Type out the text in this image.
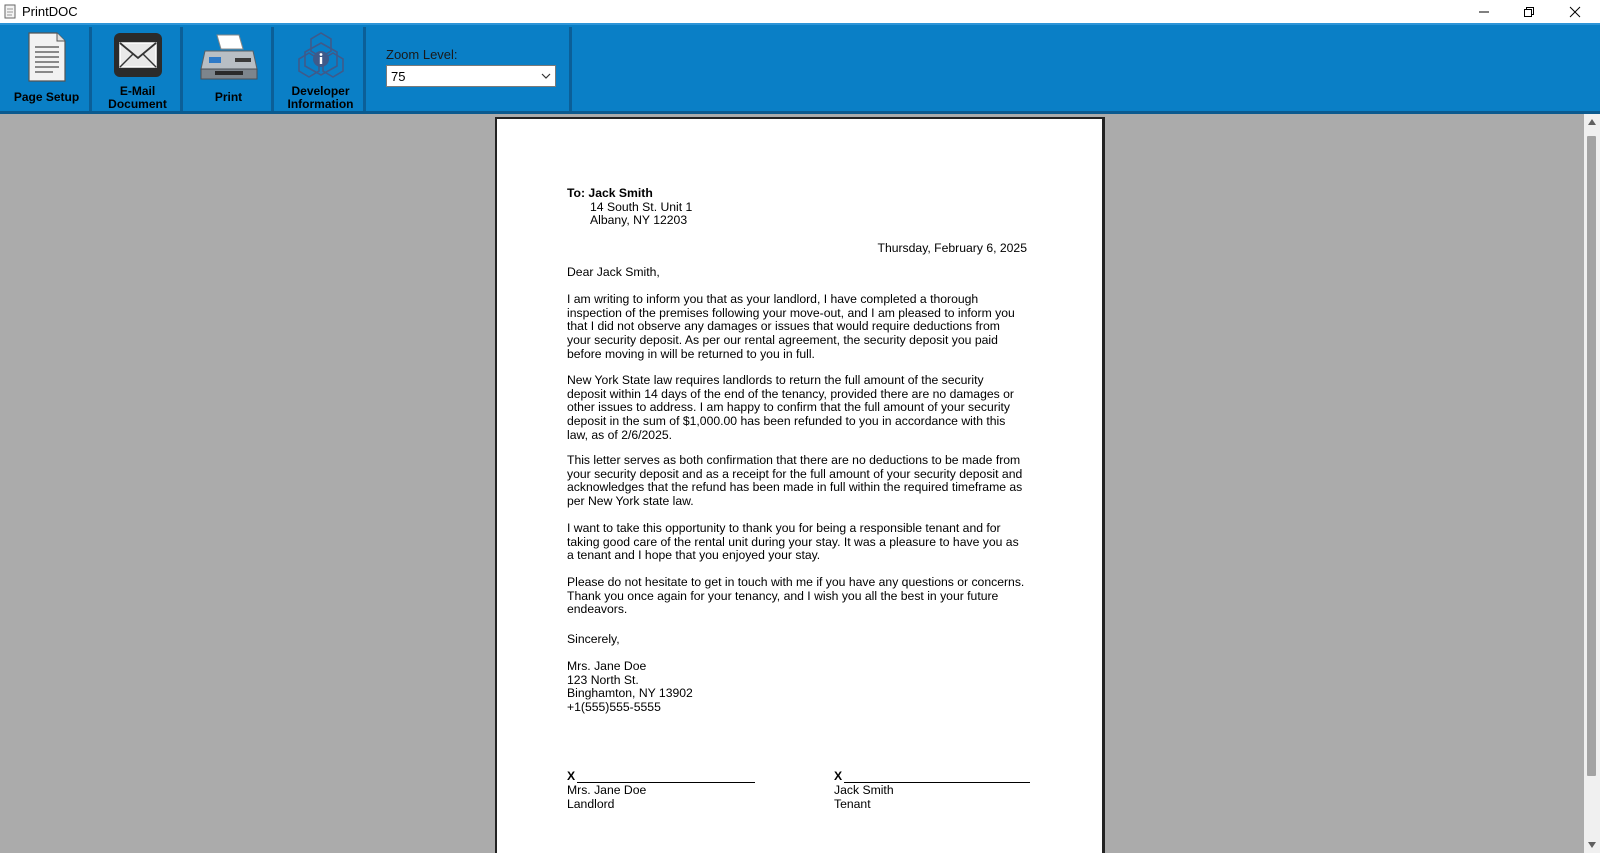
PrintDOC
Page Setup	E-Mail
Document	Print	Developer
Information
Zoom Level:
75
To: Jack Smith
14 South St. Unit 1
Albany, NY 12203
Thursday, February 6, 2025
Dear Jack Smith,
I am writing to inform you that as your landlord, I have completed a thorough
inspection of the premises following your move-out, and I am pleased to inform you
that I did not observe any damages or issues that would require deductions from
your security deposit. As per our rental agreement, the security deposit you paid
before moving in will be returned to you in full.
New York State law requires landlords to return the full amount of the security
deposit within 14 days of the end of the tenancy, provided there are no damages or
other issues to address. I am happy to confirm that the full amount of your security
deposit in the sum of $1,000.00 has been refunded to you in accordance with this
law, as of 2/6/2025.
This letter serves as both confirmation that there are no deductions to be made from
your security deposit and as a receipt for the full amount of your security deposit and
acknowledges that the refund has been made in full within the required timeframe as
per New York state law.
I want to take this opportunity to thank you for being a responsible tenant and for
taking good care of the rental unit during your stay. It was a pleasure to have you as
a tenant and I hope that you enjoyed your stay.
Please do not hesitate to get in touch with me if you have any questions or concerns.
Thank you once again for your tenancy, and I wish you all the best in your future
endeavors.
Sincerely,
Mrs. Jane Doe
123 North St.
Binghamton, NY 13902
+1(555)555-5555
X
Mrs. Jane Doe
Landlord
X
Jack Smith
Tenant
